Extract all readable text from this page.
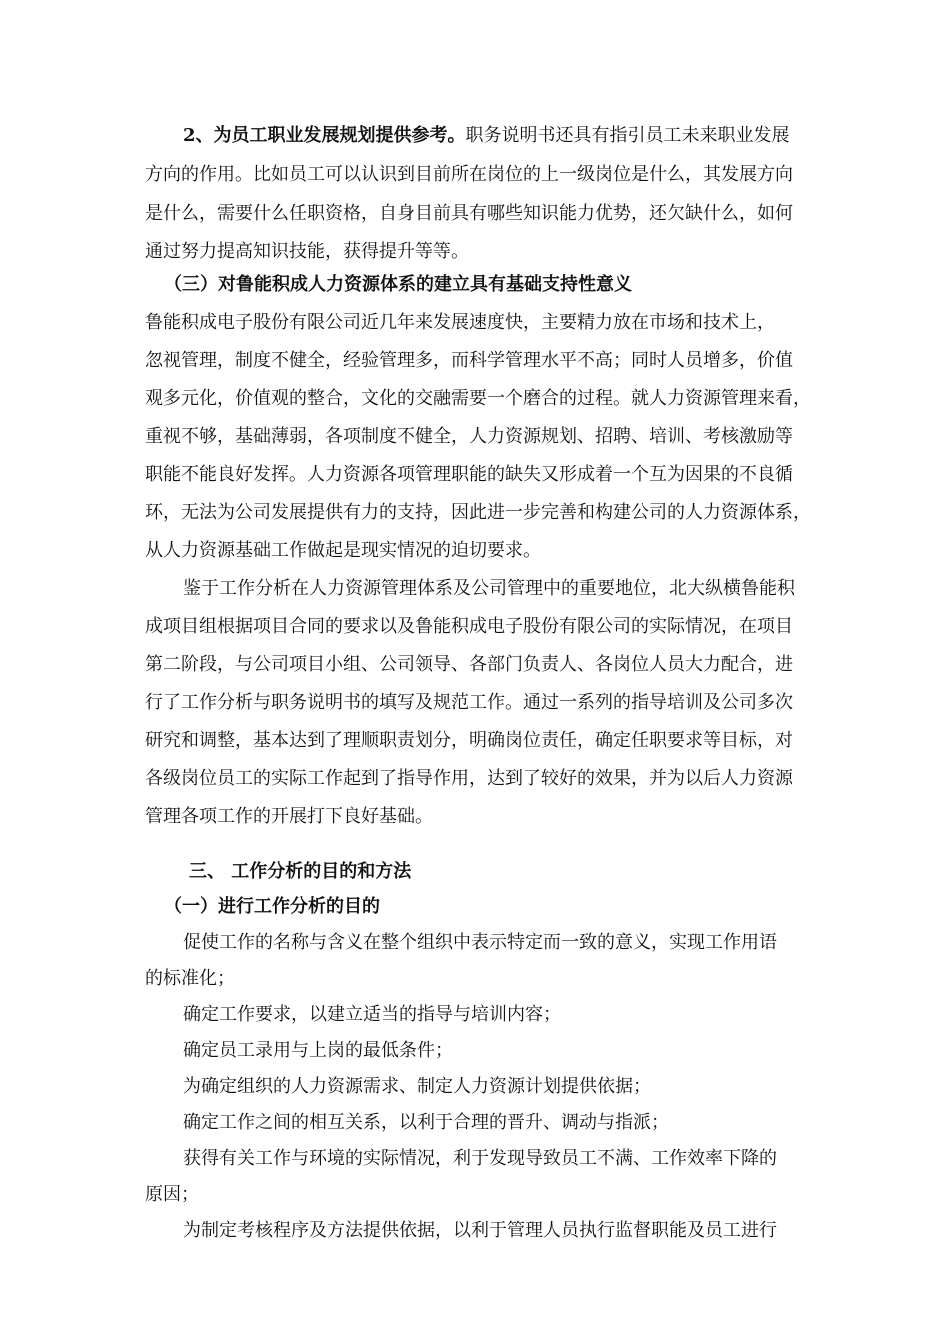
2、为员工职业发展规划提供参考。职务说明书还具有指引员工未来职业发展
方向的作用。比如员工可以认识到目前所在岗位的上一级岗位是什么，其发展方向
是什么，需要什么任职资格，自身目前具有哪些知识能力优势，还欠缺什么，如何
通过努力提高知识技能，获得提升等等。
（三）对鲁能积成人力资源体系的建立具有基础支持性意义
鲁能积成电子股份有限公司近几年来发展速度快，主要精力放在市场和技术上，
忽视管理，制度不健全，经验管理多，而科学管理水平不高；同时人员增多，价值
观多元化，价值观的整合，文化的交融需要一个磨合的过程。就人力资源管理来看，
重视不够，基础薄弱，各项制度不健全，人力资源规划、招聘、培训、考核激励等
职能不能良好发挥。人力资源各项管理职能的缺失又形成着一个互为因果的不良循
环，无法为公司发展提供有力的支持，因此进一步完善和构建公司的人力资源体系，
从人力资源基础工作做起是现实情况的迫切要求。
鉴于工作分析在人力资源管理体系及公司管理中的重要地位，北大纵横鲁能积
成项目组根据项目合同的要求以及鲁能积成电子股份有限公司的实际情况，在项目
第二阶段，与公司项目小组、公司领导、各部门负责人、各岗位人员大力配合，进
行了工作分析与职务说明书的填写及规范工作。通过一系列的指导培训及公司多次
研究和调整，基本达到了理顺职责划分，明确岗位责任，确定任职要求等目标，对
各级岗位员工的实际工作起到了指导作用，达到了较好的效果，并为以后人力资源
管理各项工作的开展打下良好基础。
三、 工作分析的目的和方法
（一）进行工作分析的目的
促使工作的名称与含义在整个组织中表示特定而一致的意义，实现工作用语
的标准化；
确定工作要求，以建立适当的指导与培训内容；
确定员工录用与上岗的最低条件；
为确定组织的人力资源需求、制定人力资源计划提供依据；
确定工作之间的相互关系，以利于合理的晋升、调动与指派；
获得有关工作与环境的实际情况，利于发现导致员工不满、工作效率下降的
原因；
为制定考核程序及方法提供依据，以利于管理人员执行监督职能及员工进行
